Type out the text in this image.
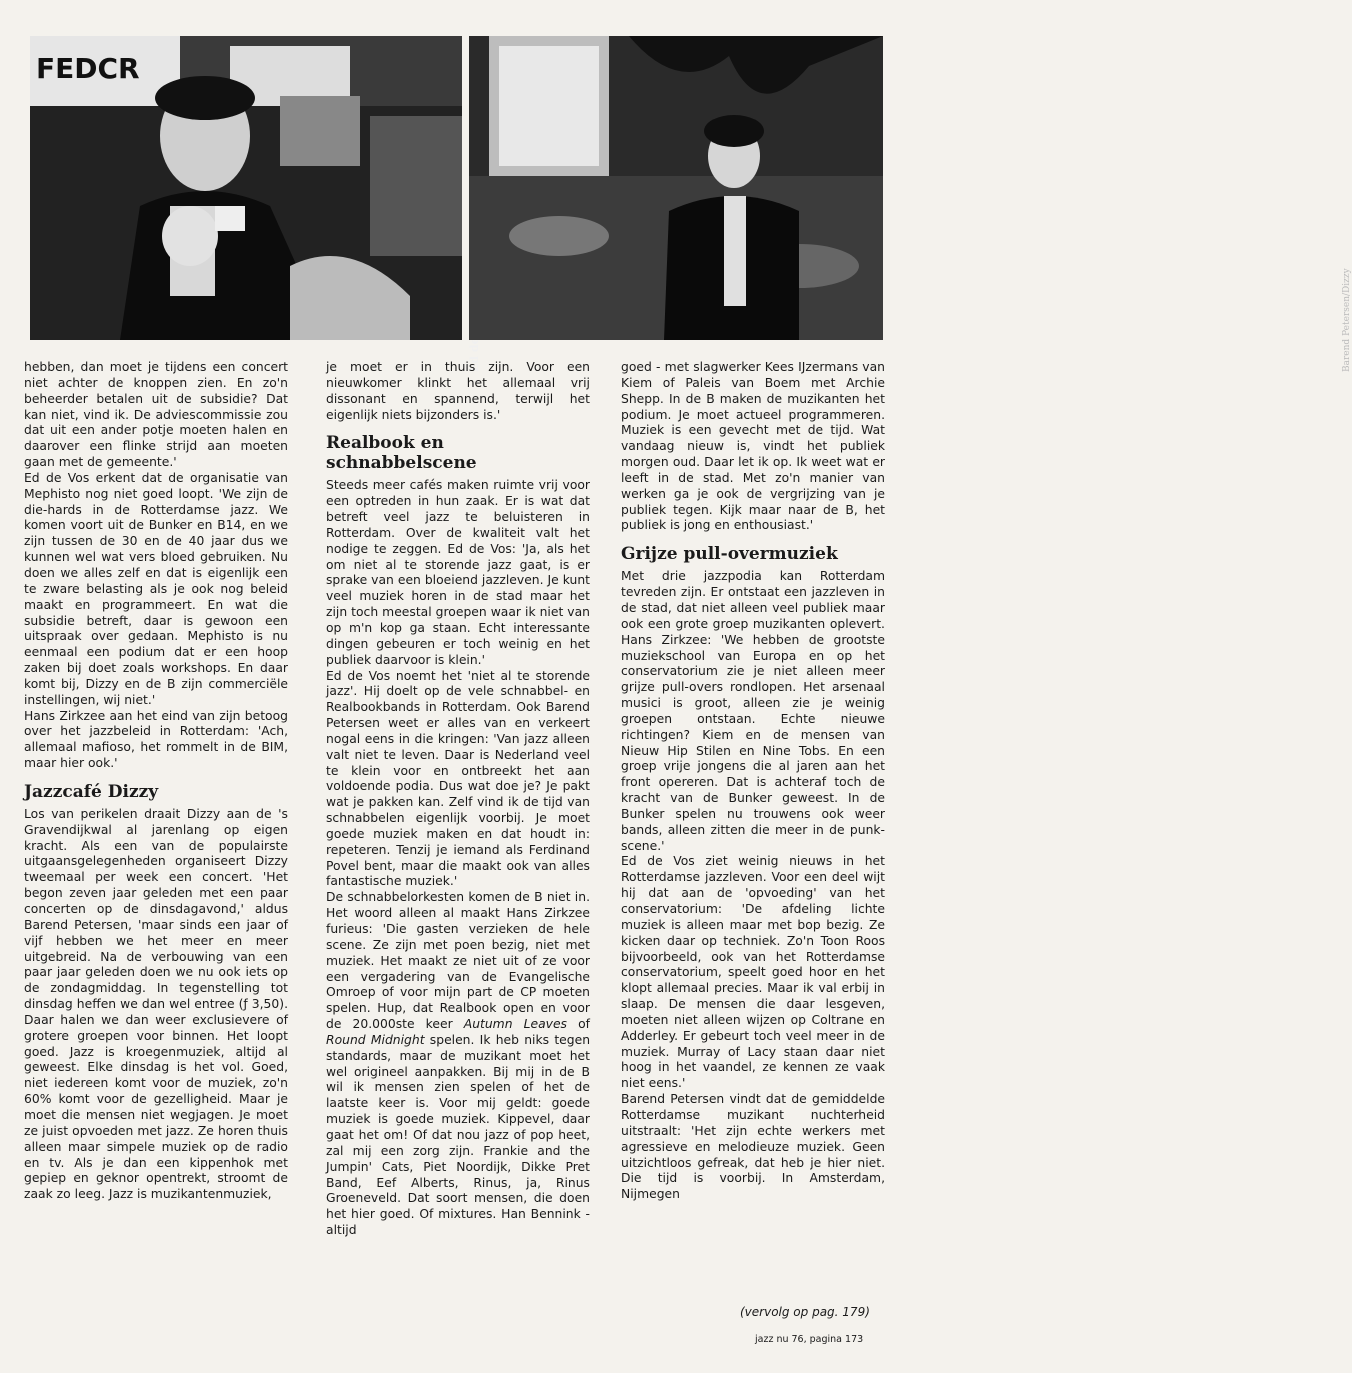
FEDCR
Barend Petersen/Dizzy

hebben, dan moet je tijdens een concert niet achter de knoppen zien. En zo'n beheerder betalen uit de subsidie? Dat kan niet, vind ik. De adviescommissie zou dat uit een ander potje moeten halen en daarover een flinke strijd aan moeten gaan met de gemeente.'

Ed de Vos erkent dat de organisatie van Mephisto nog niet goed loopt. 'We zijn de die-hards in de Rotterdamse jazz. We komen voort uit de Bunker en B14, en we zijn tussen de 30 en de 40 jaar dus we kunnen wel wat vers bloed gebruiken. Nu doen we alles zelf en dat is eigenlijk een te zware belasting als je ook nog beleid maakt en programmeert. En wat die subsidie betreft, daar is gewoon een uitspraak over gedaan. Mephisto is nu eenmaal een podium dat er een hoop zaken bij doet zoals workshops. En daar komt bij, Dizzy en de B zijn commerciële instellingen, wij niet.'

Hans Zirkzee aan het eind van zijn betoog over het jazzbeleid in Rotterdam: 'Ach, allemaal mafioso, het rommelt in de BIM, maar hier ook.'

Jazzcafé Dizzy

Los van perikelen draait Dizzy aan de 's Gravendijkwal al jarenlang op eigen kracht. Als een van de populairste uitgaansgelegenheden organiseert Dizzy tweemaal per week een concert. 'Het begon zeven jaar geleden met een paar concerten op de dinsdagavond,' aldus Barend Petersen, 'maar sinds een jaar of vijf hebben we het meer en meer uitgebreid. Na de verbouwing van een paar jaar geleden doen we nu ook iets op de zondagmiddag. In tegenstelling tot dinsdag heffen we dan wel entree (ƒ 3,50). Daar halen we dan weer exclusievere of grotere groepen voor binnen. Het loopt goed. Jazz is kroegenmuziek, altijd al geweest. Elke dinsdag is het vol. Goed, niet iedereen komt voor de muziek, zo'n 60% komt voor de gezelligheid. Maar je moet die mensen niet wegjagen. Je moet ze juist opvoeden met jazz. Ze horen thuis alleen maar simpele muziek op de radio en tv. Als je dan een kippenhok met gepiep en geknor opentrekt, stroomt de zaak zo leeg. Jazz is muzikantenmuziek,

je moet er in thuis zijn. Voor een nieuwkomer klinkt het allemaal vrij dissonant en spannend, terwijl het eigenlijk niets bijzonders is.'

Realbook en schnabbelscene

Steeds meer cafés maken ruimte vrij voor een optreden in hun zaak. Er is wat dat betreft veel jazz te beluisteren in Rotterdam. Over de kwaliteit valt het nodige te zeggen. Ed de Vos: 'Ja, als het om niet al te storende jazz gaat, is er sprake van een bloeiend jazzleven. Je kunt veel muziek horen in de stad maar het zijn toch meestal groepen waar ik niet van op m'n kop ga staan. Echt interessante dingen gebeuren er toch weinig en het publiek daarvoor is klein.'

Ed de Vos noemt het 'niet al te storende jazz'. Hij doelt op de vele schnabbel- en Realbookbands in Rotterdam. Ook Barend Petersen weet er alles van en verkeert nogal eens in die kringen: 'Van jazz alleen valt niet te leven. Daar is Nederland veel te klein voor en ontbreekt het aan voldoende podia. Dus wat doe je? Je pakt wat je pakken kan. Zelf vind ik de tijd van schnabbelen eigenlijk voorbij. Je moet goede muziek maken en dat houdt in: repeteren. Tenzij je iemand als Ferdinand Povel bent, maar die maakt ook van alles fantastische muziek.'

De schnabbelorkesten komen de B niet in. Het woord alleen al maakt Hans Zirkzee furieus: 'Die gasten verzieken de hele scene. Ze zijn met poen bezig, niet met muziek. Het maakt ze niet uit of ze voor een vergadering van de Evangelische Omroep of voor mijn part de CP moeten spelen. Hup, dat Realbook open en voor de 20.000ste keer Autumn Leaves of Round Midnight spelen. Ik heb niks tegen standards, maar de muzikant moet het wel origineel aanpakken. Bij mij in de B wil ik mensen zien spelen of het de laatste keer is. Voor mij geldt: goede muziek is goede muziek. Kippevel, daar gaat het om! Of dat nou jazz of pop heet, zal mij een zorg zijn. Frankie and the Jumpin' Cats, Piet Noordijk, Dikke Pret Band, Eef Alberts, Rinus, ja, Rinus Groeneveld. Dat soort mensen, die doen het hier goed. Of mixtures. Han Bennink - altijd

goed - met slagwerker Kees IJzermans van Kiem of Paleis van Boem met Archie Shepp. In de B maken de muzikanten het podium. Je moet actueel programmeren. Muziek is een gevecht met de tijd. Wat vandaag nieuw is, vindt het publiek morgen oud. Daar let ik op. Ik weet wat er leeft in de stad. Met zo'n manier van werken ga je ook de vergrijzing van je publiek tegen. Kijk maar naar de B, het publiek is jong en enthousiast.'

Grijze pull-overmuziek

Met drie jazzpodia kan Rotterdam tevreden zijn. Er ontstaat een jazzleven in de stad, dat niet alleen veel publiek maar ook een grote groep muzikanten oplevert. Hans Zirkzee: 'We hebben de grootste muziekschool van Europa en op het conservatorium zie je niet alleen meer grijze pull-overs rondlopen. Het arsenaal musici is groot, alleen zie je weinig groepen ontstaan. Echte nieuwe richtingen? Kiem en de mensen van Nieuw Hip Stilen en Nine Tobs. En een groep vrije jongens die al jaren aan het front opereren. Dat is achteraf toch de kracht van de Bunker geweest. In de Bunker spelen nu trouwens ook weer bands, alleen zitten die meer in de punk-scene.'

Ed de Vos ziet weinig nieuws in het Rotterdamse jazzleven. Voor een deel wijt hij dat aan de 'opvoeding' van het conservatorium: 'De afdeling lichte muziek is alleen maar met bop bezig. Ze kicken daar op techniek. Zo'n Toon Roos bijvoorbeeld, ook van het Rotterdamse conservatorium, speelt goed hoor en het klopt allemaal precies. Maar ik val erbij in slaap. De mensen die daar lesgeven, moeten niet alleen wijzen op Coltrane en Adderley. Er gebeurt toch veel meer in de muziek. Murray of Lacy staan daar niet hoog in het vaandel, ze kennen ze vaak niet eens.'

Barend Petersen vindt dat de gemiddelde Rotterdamse muzikant nuchterheid uitstraalt: 'Het zijn echte werkers met agressieve en melodieuze muziek. Geen uitzichtloos gefreak, dat heb je hier niet. Die tijd is voorbij. In Amsterdam, Nijmegen

(vervolg op pag. 179)
jazz nu 76, pagina 173
